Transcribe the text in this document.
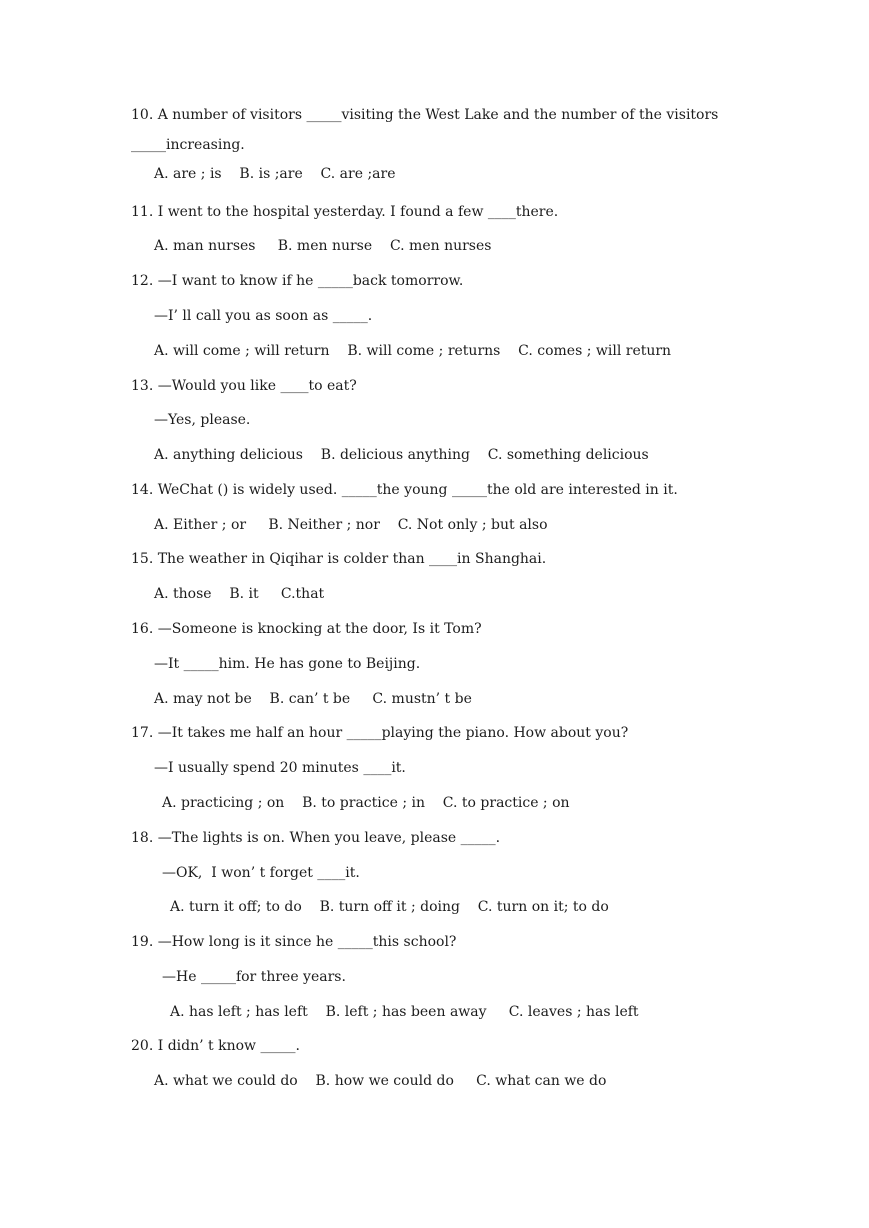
10. A number of visitors _____visiting the West Lake and the number of the visitors
_____increasing.
A. are ; is    B. is ;are    C. are ;are
11. I went to the hospital yesterday. I found a few ____there.
A. man nurses     B. men nurse    C. men nurses
12. —I want to know if he _____back tomorrow.
—I’ ll call you as soon as _____.
A. will come ; will return    B. will come ; returns    C. comes ; will return
13. —Would you like ____to eat?
—Yes, please.
A. anything delicious    B. delicious anything    C. something delicious
14. WeChat () is widely used. _____the young _____the old are interested in it.
A. Either ; or     B. Neither ; nor    C. Not only ; but also
15. The weather in Qiqihar is colder than ____in Shanghai.
A. those    B. it     C.that
16. —Someone is knocking at the door, Is it Tom?
—It _____him. He has gone to Beijing.
A. may not be    B. can’ t be     C. mustn’ t be
17. —It takes me half an hour _____playing the piano. How about you?
—I usually spend 20 minutes ____it.
A. practicing ; on    B. to practice ; in    C. to practice ; on
18. —The lights is on. When you leave, please _____.
—OK,  I won’ t forget ____it.
A. turn it off; to do    B. turn off it ; doing    C. turn on it; to do
19. —How long is it since he _____this school?
—He _____for three years.
A. has left ; has left    B. left ; has been away     C. leaves ; has left
20. I didn’ t know _____.
A. what we could do    B. how we could do     C. what can we do
